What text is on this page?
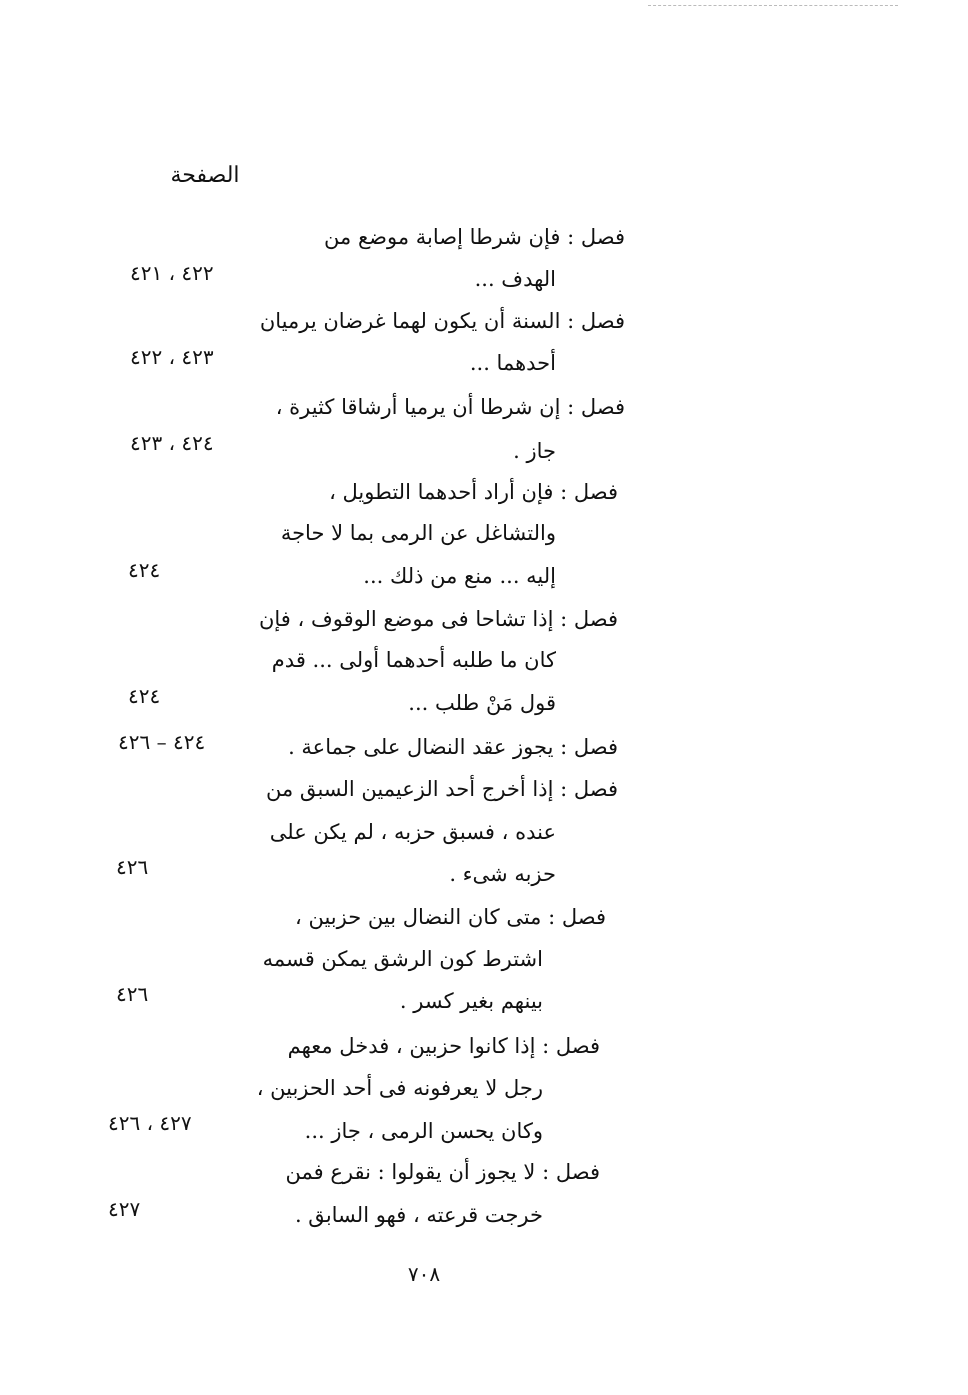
الصفحة
فصل : فإن شرطا إصابة موضع من
الهدف ...
٤٢٢ ، ٤٢١
فصل : السنة أن يكون لهما غرضان يرميان
أحدهما ...
٤٢٣ ، ٤٢٢
فصل : إن شرطا أن يرميا أرشاقا كثيرة ،
جاز .
٤٢٤ ، ٤٢٣
فصل : فإن أراد أحدهما التطويل ،
والتشاغل عن الرمى بما لا حاجة
إليه ... منع من ذلك ...
٤٢٤
فصل : إذا تشاحا فى موضع الوقوف ، فإن
كان ما طلبه أحدهما أولى ... قدم
قول مَنْ طلب ...
٤٢٤
فصل : يجوز عقد النضال على جماعة .
٤٢٤ – ٤٢٦
فصل : إذا أخرج أحد الزعيمين السبق من
عنده ، فسبق حزبه ، لم يكن على
حزبه شىء .
٤٢٦
فصل : متى كان النضال بين حزبين ،
اشترط كون الرشق يمكن قسمه
بينهم بغير كسر .
٤٢٦
فصل : إذا كانوا حزبين ، فدخل معهم
رجل لا يعرفونه فى أحد الحزبين ،
وكان يحسن الرمى ، جاز ...
٤٢٧ ، ٤٢٦
فصل : لا يجوز أن يقولوا : نقرع فمن
خرجت قرعته ، فهو السابق .
٤٢٧
٧٠٨
